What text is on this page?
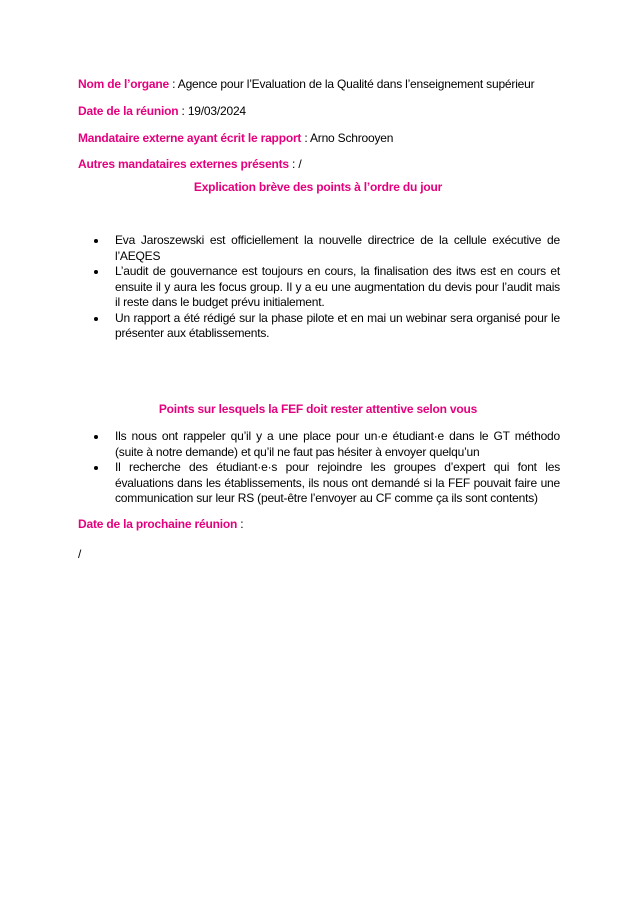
Nom de l’organe : Agence pour l’Evaluation de la Qualité dans l’enseignement supérieur
Date de la réunion : 19/03/2024
Mandataire externe ayant écrit le rapport : Arno Schrooyen
Autres mandataires externes présents : /
Explication brève des points à l’ordre du jour
Eva Jaroszewski est officiellement la nouvelle directrice de la cellule exécutive de l’AEQES
L’audit de gouvernance est toujours en cours, la finalisation des itws est en cours et ensuite il y aura les focus group. Il y a eu une augmentation du devis pour l’audit mais il reste dans le budget prévu initialement.
Un rapport a été rédigé sur la phase pilote et en mai un webinar sera organisé pour le présenter aux établissements.
Points sur lesquels la FEF doit rester attentive selon vous
Ils nous ont rappeler qu’il y a une place pour un·e étudiant·e dans le GT méthodo (suite à notre demande) et qu’il ne faut pas hésiter à envoyer quelqu’un
Il recherche des étudiant·e·s pour rejoindre les groupes d’expert qui font les évaluations dans les établissements, ils nous ont demandé si la FEF pouvait faire une communication sur leur RS (peut-être l’envoyer au CF comme ça ils sont contents)
Date de la prochaine réunion :
/
